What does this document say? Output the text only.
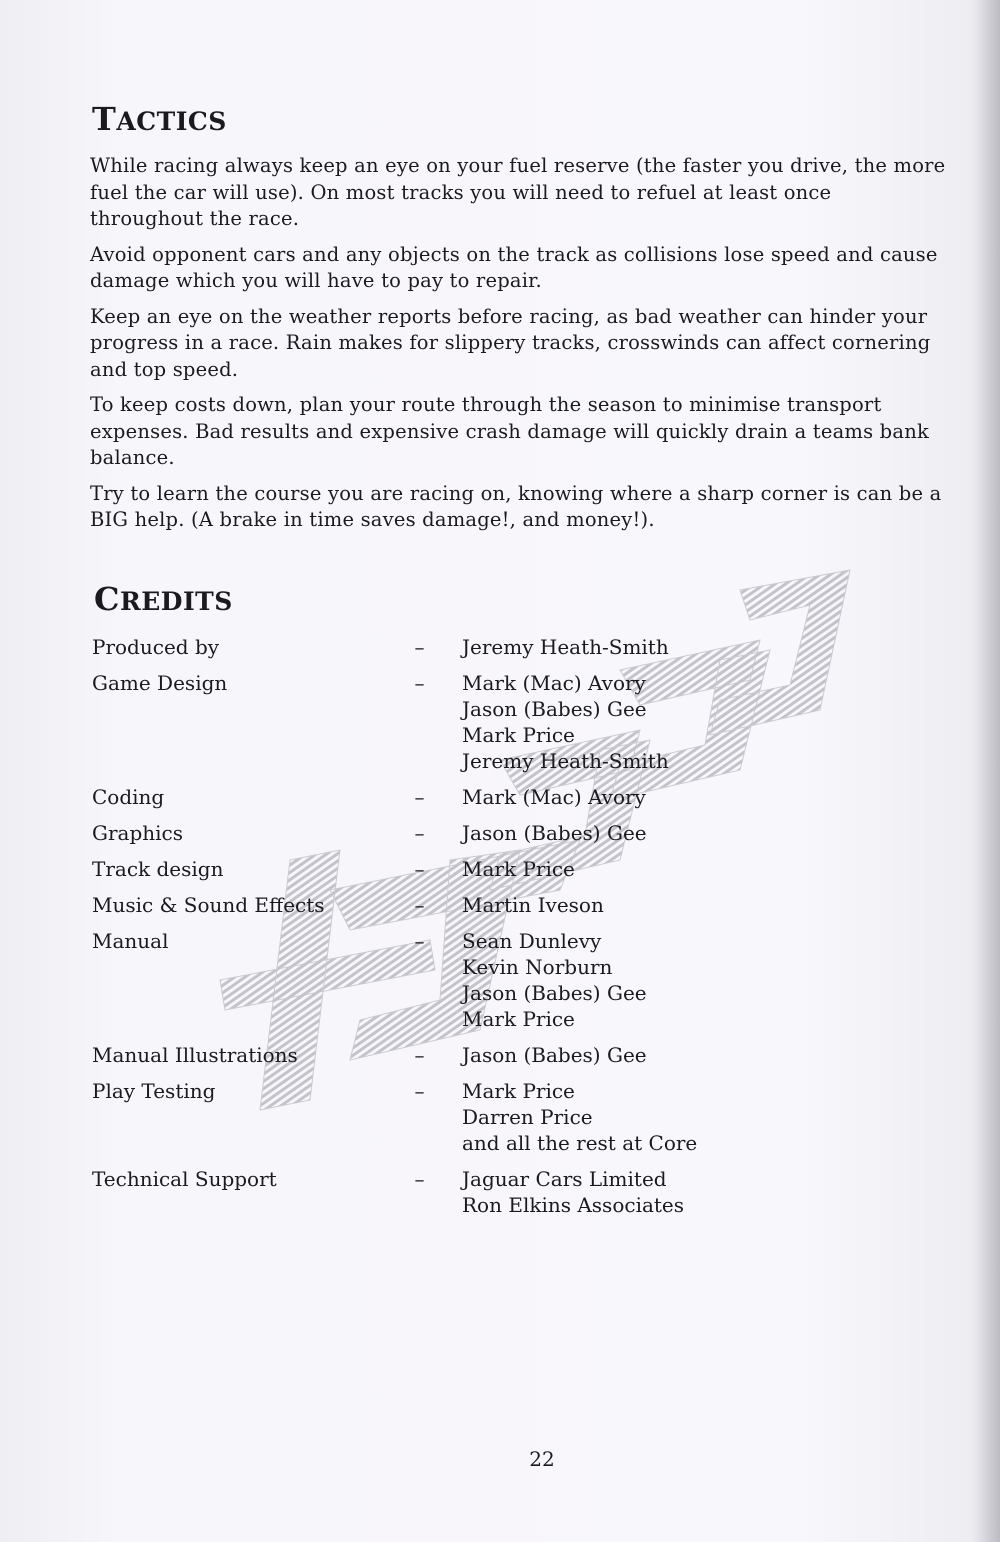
TACTICS

While racing always keep an eye on your fuel reserve (the faster you drive, the more fuel the car will use). On most tracks you will need to refuel at least once throughout the race.

Avoid opponent cars and any objects on the track as collisions lose speed and cause damage which you will have to pay to repair.

Keep an eye on the weather reports before racing, as bad weather can hinder your progress in a race. Rain makes for slippery tracks, crosswinds can affect cornering and top speed.

To keep costs down, plan your route through the season to minimise transport expenses. Bad results and expensive crash damage will quickly drain a teams bank balance.

Try to learn the course you are racing on, knowing where a sharp corner is can be a BIG help. (A brake in time saves damage!, and money!).

CREDITS
Produced by	–	Jeremy Heath-Smith
Game Design	–	Mark (Mac) Avory
Jason (Babes) Gee
Mark Price
Jeremy Heath-Smith
Coding	–	Mark (Mac) Avory
Graphics	–	Jason (Babes) Gee
Track design	–	Mark Price
Music & Sound Effects	–	Martin Iveson
Manual	–	Sean Dunlevy
Kevin Norburn
Jason (Babes) Gee
Mark Price
Manual Illustrations	–	Jason (Babes) Gee
Play Testing	–	Mark Price
Darren Price
and all the rest at Core
Technical Support	–	Jaguar Cars Limited
Ron Elkins Associates
22
